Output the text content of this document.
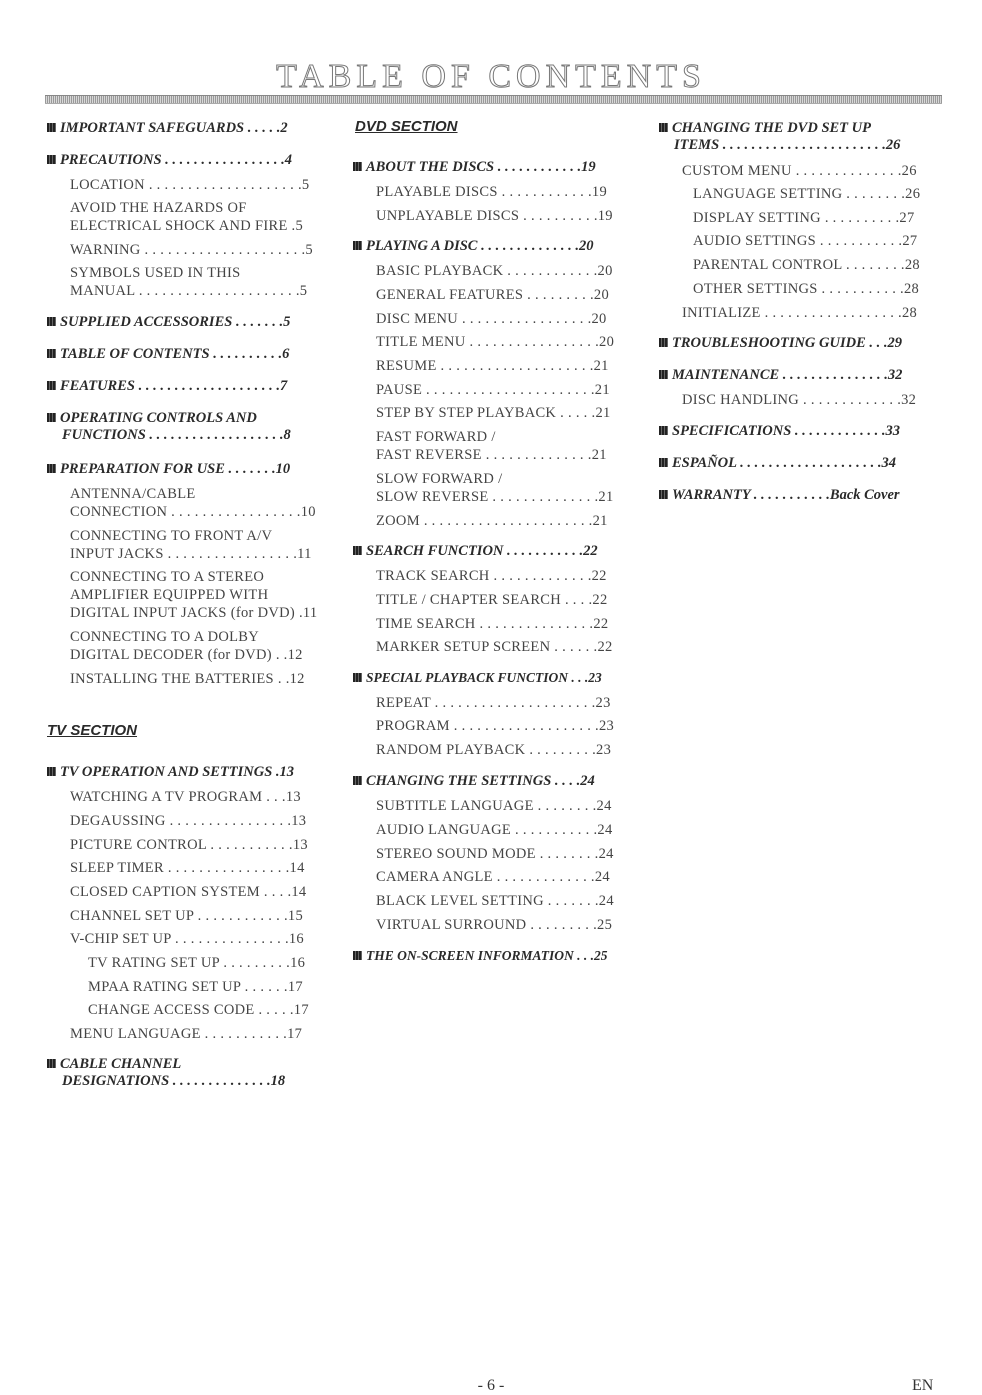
TABLE OF CONTENTS
IMPORTANT SAFEGUARDS . . . . .2
PRECAUTIONS . . . . . . . . . . . . . . . . .4
LOCATION . . . . . . . . . . . . . . . . . . . .5
AVOID THE HAZARDS OF
ELECTRICAL SHOCK AND FIRE .5
WARNING . . . . . . . . . . . . . . . . . . . . .5
SYMBOLS USED IN THIS
MANUAL . . . . . . . . . . . . . . . . . . . . .5
SUPPLIED ACCESSORIES . . . . . . .5
TABLE OF CONTENTS . . . . . . . . . .6
FEATURES . . . . . . . . . . . . . . . . . . . .7
OPERATING CONTROLS AND
FUNCTIONS . . . . . . . . . . . . . . . . . . .8
PREPARATION FOR USE . . . . . . .10
ANTENNA/CABLE
CONNECTION . . . . . . . . . . . . . . . . .10
CONNECTING TO FRONT A/V
INPUT JACKS . . . . . . . . . . . . . . . . .11
CONNECTING TO A STEREO
AMPLIFIER EQUIPPED WITH
DIGITAL INPUT JACKS (for DVD) .11
CONNECTING TO A DOLBY
DIGITAL DECODER (for DVD) . .12
INSTALLING THE BATTERIES . .12
TV SECTION
TV OPERATION AND SETTINGS .13
WATCHING A TV PROGRAM . . .13
DEGAUSSING . . . . . . . . . . . . . . . .13
PICTURE CONTROL . . . . . . . . . . .13
SLEEP TIMER . . . . . . . . . . . . . . . .14
CLOSED CAPTION SYSTEM . . . .14
CHANNEL SET UP . . . . . . . . . . . .15
V-CHIP SET UP . . . . . . . . . . . . . . .16
TV RATING SET UP . . . . . . . . .16
MPAA RATING SET UP . . . . . .17
CHANGE ACCESS CODE . . . . .17
MENU LANGUAGE . . . . . . . . . . .17
CABLE CHANNEL
DESIGNATIONS . . . . . . . . . . . . . .18
DVD SECTION
ABOUT THE DISCS . . . . . . . . . . . .19
PLAYABLE DISCS . . . . . . . . . . . .19
UNPLAYABLE DISCS . . . . . . . . . .19
PLAYING A DISC . . . . . . . . . . . . . .20
BASIC PLAYBACK . . . . . . . . . . . .20
GENERAL FEATURES . . . . . . . . .20
DISC MENU . . . . . . . . . . . . . . . . .20
TITLE MENU . . . . . . . . . . . . . . . . .20
RESUME . . . . . . . . . . . . . . . . . . . .21
PAUSE . . . . . . . . . . . . . . . . . . . . . .21
STEP BY STEP PLAYBACK . . . . .21
FAST FORWARD /
FAST REVERSE . . . . . . . . . . . . . .21
SLOW FORWARD /
SLOW REVERSE . . . . . . . . . . . . . .21
ZOOM . . . . . . . . . . . . . . . . . . . . . .21
SEARCH FUNCTION . . . . . . . . . . .22
TRACK SEARCH . . . . . . . . . . . . .22
TITLE / CHAPTER SEARCH . . . .22
TIME SEARCH . . . . . . . . . . . . . . .22
MARKER SETUP SCREEN . . . . . .22
SPECIAL PLAYBACK FUNCTION . . .23
REPEAT . . . . . . . . . . . . . . . . . . . . .23
PROGRAM . . . . . . . . . . . . . . . . . . .23
RANDOM PLAYBACK . . . . . . . . .23
CHANGING THE SETTINGS . . . .24
SUBTITLE LANGUAGE . . . . . . . .24
AUDIO LANGUAGE . . . . . . . . . . .24
STEREO SOUND MODE . . . . . . . .24
CAMERA ANGLE . . . . . . . . . . . . .24
BLACK LEVEL SETTING . . . . . . .24
VIRTUAL SURROUND . . . . . . . . .25
THE ON-SCREEN INFORMATION . . .25
CHANGING THE DVD SET UP
ITEMS . . . . . . . . . . . . . . . . . . . . . . .26
CUSTOM MENU . . . . . . . . . . . . . .26
LANGUAGE SETTING . . . . . . . .26
DISPLAY SETTING . . . . . . . . . .27
AUDIO SETTINGS . . . . . . . . . . .27
PARENTAL CONTROL . . . . . . . .28
OTHER SETTINGS . . . . . . . . . . .28
INITIALIZE . . . . . . . . . . . . . . . . . .28
TROUBLESHOOTING GUIDE . . .29
MAINTENANCE . . . . . . . . . . . . . . .32
DISC HANDLING . . . . . . . . . . . . .32
SPECIFICATIONS . . . . . . . . . . . . .33
ESPAÑOL . . . . . . . . . . . . . . . . . . . .34
WARRANTY . . . . . . . . . . .Back Cover
- 6 -	EN
